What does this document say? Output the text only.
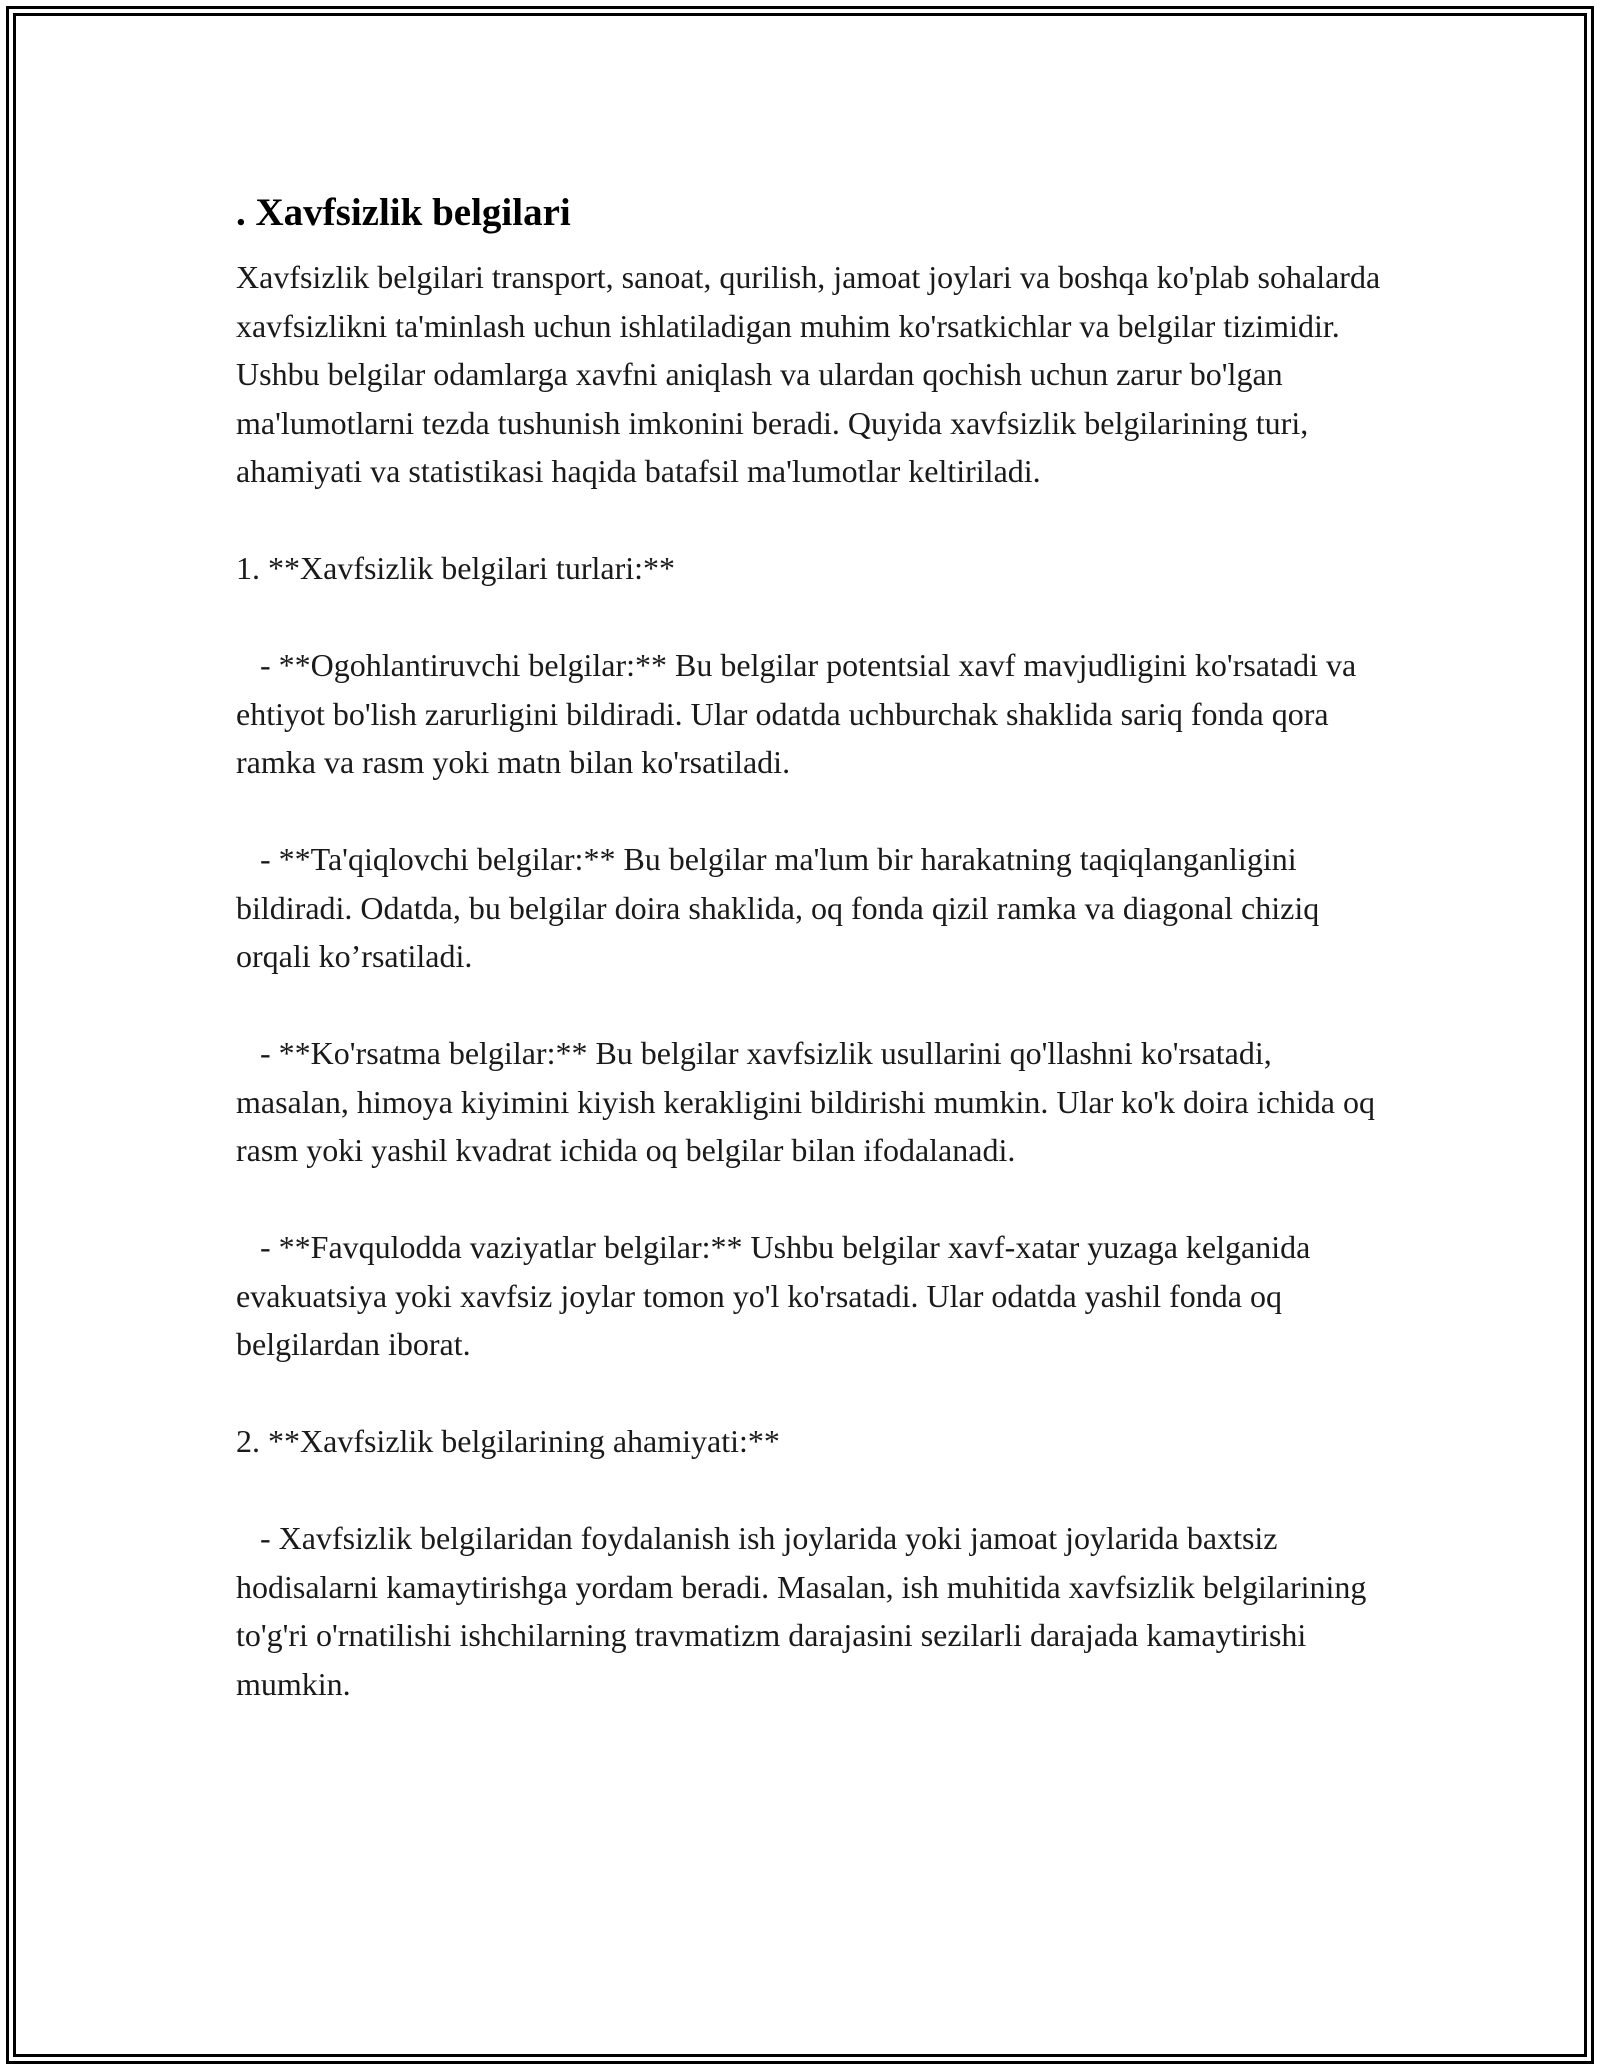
. Xavfsizlik belgilari

Xavfsizlik belgilari transport, sanoat, qurilish, jamoat joylari va boshqa ko'plab sohalarda xavfsizlikni ta'minlash uchun ishlatiladigan muhim ko'rsatkichlar va belgilar tizimidir. Ushbu belgilar odamlarga xavfni aniqlash va ulardan qochish uchun zarur bo'lgan ma'lumotlarni tezda tushunish imkonini beradi. Quyida xavfsizlik belgilarining turi, ahamiyati va statistikasi haqida batafsil ma'lumotlar keltiriladi.

1. **Xavfsizlik belgilari turlari:**

- **Ogohlantiruvchi belgilar:** Bu belgilar potentsial xavf mavjudligini ko'rsatadi va ehtiyot bo'lish zarurligini bildiradi. Ular odatda uchburchak shaklida sariq fonda qora ramka va rasm yoki matn bilan ko'rsatiladi.

- **Ta'qiqlovchi belgilar:** Bu belgilar ma'lum bir harakatning taqiqlanganligini bildiradi. Odatda, bu belgilar doira shaklida, oq fonda qizil ramka va diagonal chiziq orqali ko’rsatiladi.

- **Ko'rsatma belgilar:** Bu belgilar xavfsizlik usullarini qo'llashni ko'rsatadi, masalan, himoya kiyimini kiyish kerakligini bildirishi mumkin. Ular ko'k doira ichida oq rasm yoki yashil kvadrat ichida oq belgilar bilan ifodalanadi.

- **Favqulodda vaziyatlar belgilar:** Ushbu belgilar xavf-xatar yuzaga kelganida evakuatsiya yoki xavfsiz joylar tomon yo'l ko'rsatadi. Ular odatda yashil fonda oq belgilardan iborat.

2. **Xavfsizlik belgilarining ahamiyati:**

- Xavfsizlik belgilaridan foydalanish ish joylarida yoki jamoat joylarida baxtsiz hodisalarni kamaytirishga yordam beradi. Masalan, ish muhitida xavfsizlik belgilarining to'g'ri o'rnatilishi ishchilarning travmatizm darajasini sezilarli darajada kamaytirishi mumkin.
